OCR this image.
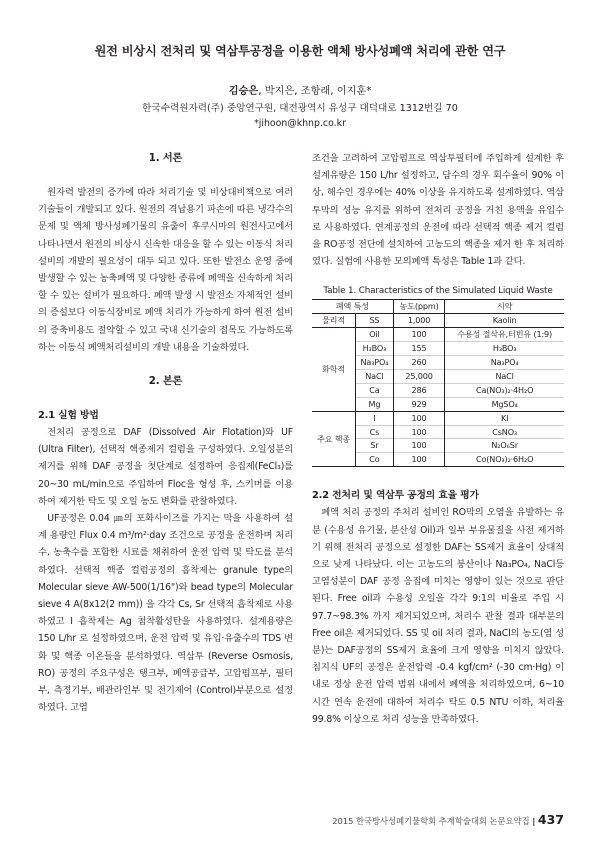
원전 비상시 전처리 및 역삼투공정을 이용한 액체 방사성폐액 처리에 관한 연구
김승은, 박지은, 조항래, 이지훈*
한국수력원자력(주) 중앙연구원, 대전광역시 유성구 대덕대로 1312번길 70
*jihoon@khnp.co.kr

1. 서론

원자력 발전의 증가에 따라 처리기술 및 비상대비책으로 여러 기술들이 개발되고 있다. 원전의 격납용기 파손에 따른 냉각수의 문제 및 액체 방사성폐기물의 유출이 후쿠시마의 원전사고에서 나타나면서 원전의 비상시 신속한 대응을 할 수 있는 이동식 처리 설비의 개발의 필요성이 대두 되고 있다. 또한 발전소 운영 중에 발생할 수 있는 농축폐액 및 다양한 종류에 폐액을 신속하게 처리할 수 있는 설비가 필요하다. 폐액 발생 시 발전소 자체적인 설비의 증설보다 이동식장비로 폐액 처리가 가능하게 하여 원전 설비의 증축비용도 절약할 수 있고 국내 신기술의 접목도 가능하도록 하는 이동식 폐액처리설비의 개발 내용을 기술하였다.

2. 본론

2.1 실험 방법

전처리 공정으로 DAF (Dissolved Air Flotation)와 UF (Ultra Filter), 선택적 핵종제거 컬럼을 구성하였다. 오일성분의 제거를 위해 DAF 공정을 첫단계로 설정하여 응집제(FeCl₃)를 20~30 mL/min으로 주입하여 Floc을 형성 후, 스키머를 이용하여 제거한 탁도 및 오일 농도 변화를 관찰하였다.

UF공정은 0.04 ㎛의 포화사이즈를 가지는 막을 사용하여 설계 용량인 Flux 0.4 m³/m²·day 조건으로 공정을 운전하며 처리수, 농축수를 포함한 시료를 채취하여 운전 압력 및 탁도를 분석하였다. 선택적 핵종 컬럼공정의 흡착제는 granule type의 Molecular sieve AW-500(1/16")와 bead type의 Molecular sieve 4 A(8x12(2 mm)) 을 각각 Cs, Sr 선택적 흡착제로 사용하였고 I 흡착제는 Ag 첨착활성탄을 사용하였다. 설계용량은 150 L/hr 로 설정하였으며, 운전 압력 및 유입·유출수의 TDS 변화 및 핵종 이온들을 분석하였다. 역삼투 (Reverse Osmosis, RO) 공정의 주요구성은 탱크부, 폐액공급부, 고압펌프부, 필터부, 측정기부, 배관라인부 및 전기제어 (Control)부분으로 설정하였다. 고염

조건을 고려하여 고압펌프로 역삼투필터에 주입하게 설계한 후 설계유량은 150 L/hr 설정하고, 담수의 경우 회수율이 90% 이상, 해수인 경우에는 40% 이상을 유지하도록 설계하였다. 역삼투막의 성능 유지를 위하여 전처리 공정을 거친 용액을 유입수로 사용하였다. 연계공정의 운전에 따라 선택적 핵종 제거 컬럼을 RO공정 전단에 설치하여 고농도의 핵종을 제거 한 후 처리하였다. 실험에 사용한 모의폐액 특성은 Table 1과 같다.

Table 1. Characteristics of the Simulated Liquid Waste

폐액 특성		농도(ppm)	시약
물리적	SS	1,000	Kaolin
화학적	Oil	100	수용성 절삭유,터빈유 (1:9)
	H₃BO₃	155	H₃BO₃
	Na₃PO₄	260	Na₃PO₄
	NaCl	25,000	NaCl
	Ca	286	Ca(NO₃)₂·4H₂O
	Mg	929	MgSO₄
주요 핵종	I	100	KI
	Cs	100	CsNO₃
	Sr	100	N₂O₆Sr
	Co	100	Co(NO₃)₂·6H₂O

2.2 전처리 및 역삼투 공정의 효율 평가

폐액 처리 공정의 주처리 설비인 RO막의 오염을 유발하는 유분 (수용성 유기물, 분산성 Oil)과 일부 부유물질을 사전 제거하기 위해 전처리 공정으로 설정한 DAF는 SS제거 효율이 상대적으로 낮게 나타났다. 이는 고농도의 붕산이나 Na₃PO₄, NaCl등 고염성분이 DAF 공정 응집에 미치는 영향이 있는 것으로 판단된다. Free oil과 수용성 오일을 각각 9:1의 비율로 주입 시 97.7~98.3% 까지 제거되었으며, 처리수 관찰 결과 대부분의 Free oil은 제거되었다. SS 및 oil 처리 결과, NaCl의 농도(염 성분)는 DAF공정의 SS제거 효율에 크게 영향을 미치지 않았다. 침지식 UF의 공정은 운전압력 -0.4 kgf/cm² (-30 cm·Hg) 이내로 정상 운전 압력 범위 내에서 폐액을 처리하였으며, 6~10 시간 연속 운전에 대하여 처리수 탁도 0.5 NTU 이하, 처리율 99.8% 이상으로 처리 성능을 만족하였다.

2015 한국방사성폐기물학회 추계학술대회 논문요약집 | 437
